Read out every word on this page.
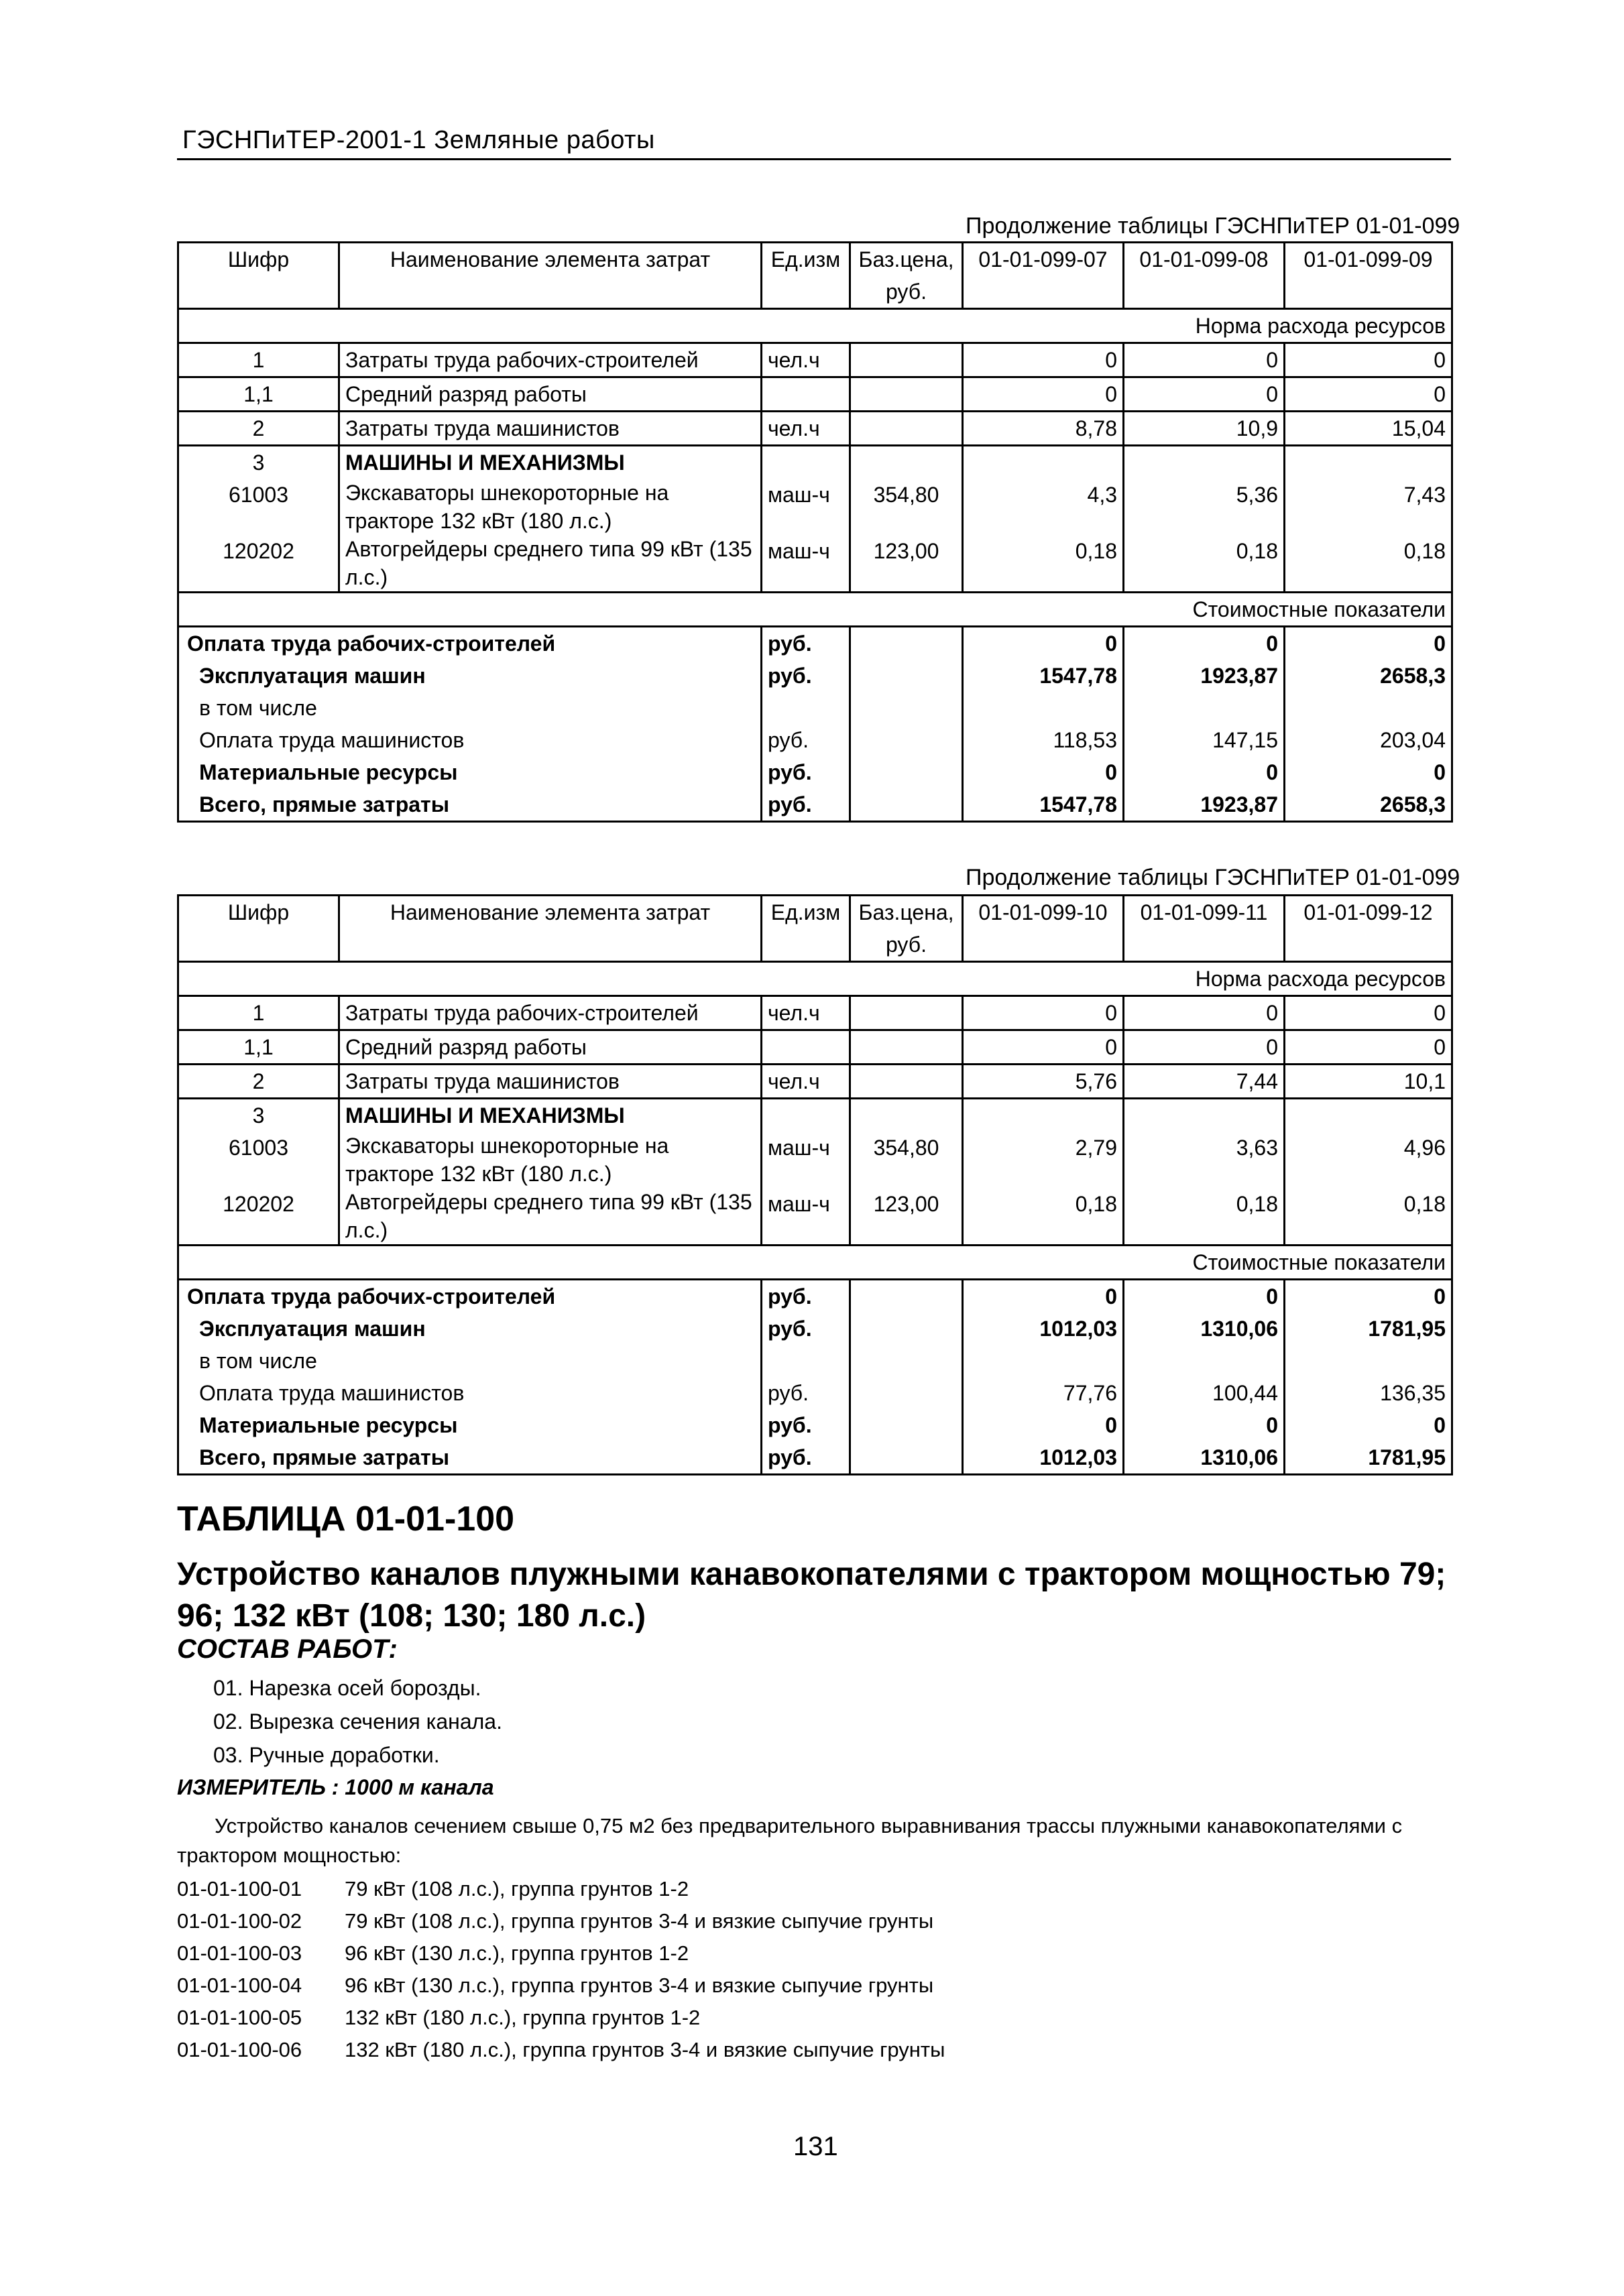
ГЭСНПиТЕР-2001-1 Земляные работы
Продолжение таблицы ГЭСНПиТЕР 01-01-099
Шифр	Наименование элемента затрат	Ед.изм	Баз.цена, руб.	01-01-099-07	01-01-099-08	01-01-099-09
Норма расхода ресурсов						
1	Затраты труда рабочих-строителей	чел.ч		0	0	0
1,1	Средний разряд работы			0	0	0
2	Затраты труда машинистов	чел.ч		8,78	10,9	15,04
3	МАШИНЫ И МЕХАНИЗМЫ					
61003	Экскаваторы шнекороторные на тракторе 132 кВт (180 л.с.)	маш-ч	354,80	4,3	5,36	7,43
120202	Автогрейдеры среднего типа 99 кВт (135 л.с.)	маш-ч	123,00	0,18	0,18	0,18
Стоимостные показатели						
Оплата труда рабочих-строителей		руб.		0	0	0
Эксплуатация машин		руб.		1547,78	1923,87	2658,3
в том числе						
Оплата труда машинистов		руб.		118,53	147,15	203,04
Материальные ресурсы		руб.		0	0	0
Всего, прямые затраты		руб.		1547,78	1923,87	2658,3
Продолжение таблицы ГЭСНПиТЕР 01-01-099
Шифр	Наименование элемента затрат	Ед.изм	Баз.цена, руб.	01-01-099-10	01-01-099-11	01-01-099-12
Норма расхода ресурсов						
1	Затраты труда рабочих-строителей	чел.ч		0	0	0
1,1	Средний разряд работы			0	0	0
2	Затраты труда машинистов	чел.ч		5,76	7,44	10,1
3	МАШИНЫ И МЕХАНИЗМЫ					
61003	Экскаваторы шнекороторные на тракторе 132 кВт (180 л.с.)	маш-ч	354,80	2,79	3,63	4,96
120202	Автогрейдеры среднего типа 99 кВт (135 л.с.)	маш-ч	123,00	0,18	0,18	0,18
Стоимостные показатели						
Оплата труда рабочих-строителей		руб.		0	0	0
Эксплуатация машин		руб.		1012,03	1310,06	1781,95
в том числе						
Оплата труда машинистов		руб.		77,76	100,44	136,35
Материальные ресурсы		руб.		0	0	0
Всего, прямые затраты		руб.		1012,03	1310,06	1781,95
ТАБЛИЦА 01-01-100
Устройство каналов плужными канавокопателями с трактором мощностью 79; 96; 132 кВт (108; 130; 180 л.с.)
СОСТАВ РАБОТ:
01. Нарезка осей борозды.
02. Вырезка сечения канала.
03. Ручные доработки.
ИЗМЕРИТЕЛЬ : 1000 м канала
Устройство каналов сечением свыше 0,75 м2 без предварительного выравнивания трассы плужными канавокопателями с трактором мощностью:
01-01-100-01 79 кВт (108 л.с.), группа грунтов 1-2
01-01-100-02 79 кВт (108 л.с.), группа грунтов 3-4 и вязкие сыпучие грунты
01-01-100-03 96 кВт (130 л.с.), группа грунтов 1-2
01-01-100-04 96 кВт (130 л.с.), группа грунтов 3-4 и вязкие сыпучие грунты
01-01-100-05 132 кВт (180 л.с.), группа грунтов 1-2
01-01-100-06 132 кВт (180 л.с.), группа грунтов 3-4 и вязкие сыпучие грунты
131
